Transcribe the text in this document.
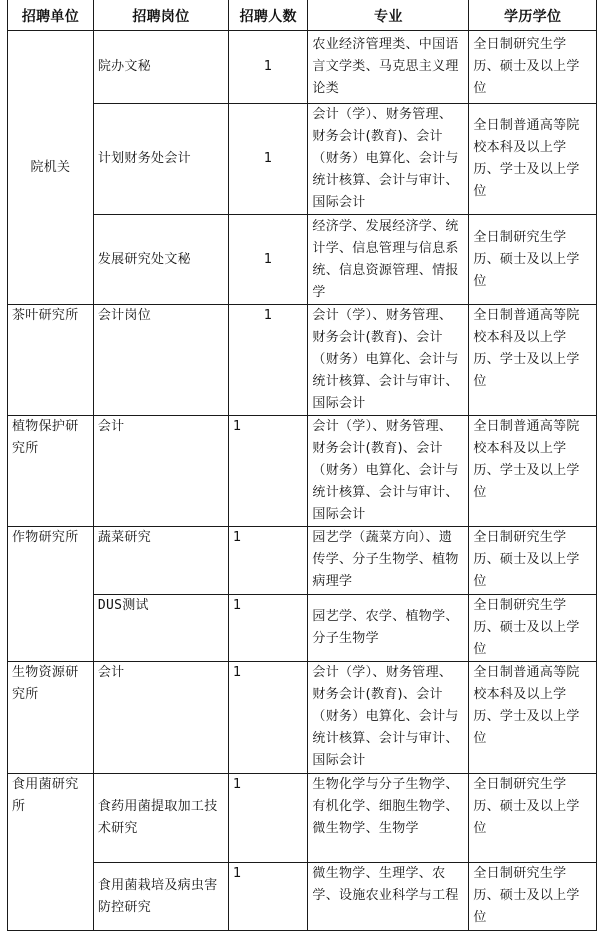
招聘单位	招聘岗位	招聘人数	专业	学历学位
院机关	院办文秘	1	农业经济管理类、中国语言文学类、马克思主义理论类	全日制研究生学历、硕士及以上学位
	计划财务处会计	1	会计（学）、财务管理、财务会计(教育)、会计（财务）电算化、会计与统计核算、会计与审计、国际会计	全日制普通高等院校本科及以上学历、学士及以上学位
	发展研究处文秘	1	经济学、发展经济学、统计学、信息管理与信息系统、信息资源管理、情报学	全日制研究生学历、硕士及以上学位
茶叶研究所	会计岗位	1	会计（学）、财务管理、财务会计(教育)、会计（财务）电算化、会计与统计核算、会计与审计、国际会计	全日制普通高等院校本科及以上学历、学士及以上学位
植物保护研究所	会计	1	会计（学）、财务管理、财务会计(教育)、会计（财务）电算化、会计与统计核算、会计与审计、国际会计	全日制普通高等院校本科及以上学历、学士及以上学位
作物研究所	蔬菜研究	1	园艺学（蔬菜方向）、遗传学、分子生物学、植物病理学	全日制研究生学历、硕士及以上学位
	DUS测试	1	园艺学、农学、植物学、分子生物学	全日制研究生学历、硕士及以上学位
生物资源研究所	会计	1	会计（学）、财务管理、财务会计(教育)、会计（财务）电算化、会计与统计核算、会计与审计、国际会计	全日制普通高等院校本科及以上学历、学士及以上学位
食用菌研究所	食药用菌提取加工技术研究	1	生物化学与分子生物学、有机化学、细胞生物学、微生物学、生物学	全日制研究生学历、硕士及以上学位
	食用菌栽培及病虫害防控研究	1	微生物学、生理学、农学、设施农业科学与工程	全日制研究生学历、硕士及以上学位
